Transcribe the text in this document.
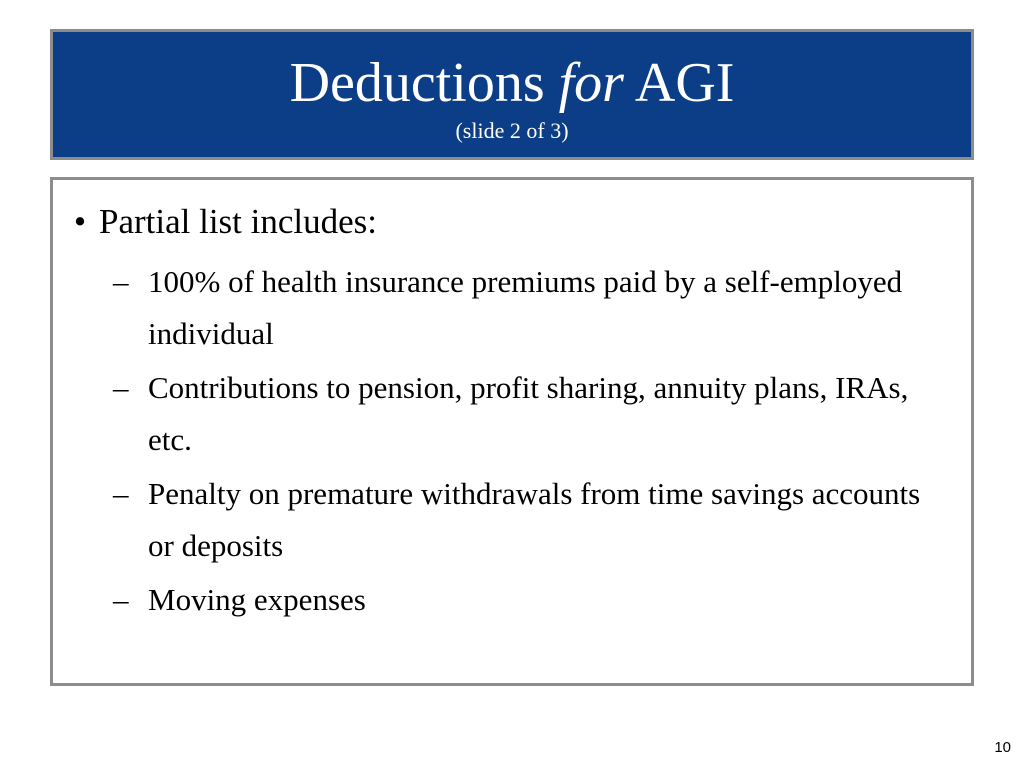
Deductions for AGI
(slide 2 of 3)
• Partial list includes:
– 100% of health insurance premiums paid by a self-employed individual
– Contributions to pension, profit sharing, annuity plans, IRAs, etc.
– Penalty on premature withdrawals from time savings accounts or deposits
– Moving expenses
10
